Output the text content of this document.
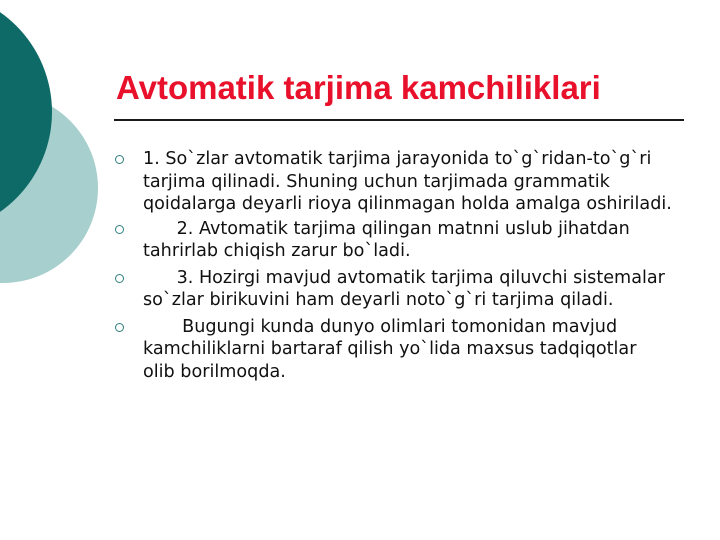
Avtomatik tarjima kamchiliklari
1. So`zlar avtomatik tarjima jarayonida to`g`ridan-to`g`ri tarjima qilinadi. Shuning uchun tarjimada grammatik qoidalarga deyarli rioya qilinmagan holda amalga oshiriladi.
2. Avtomatik tarjima qilingan matnni uslub jihatdan tahrirlab chiqish zarur bo`ladi.
3. Hozirgi mavjud avtomatik tarjima qiluvchi sistemalar so`zlar birikuvini ham deyarli noto`g`ri tarjima qiladi.
Bugungi kunda dunyo olimlari tomonidan mavjud kamchiliklarni bartaraf qilish yo`lida maxsus tadqiqotlar olib borilmoqda.
